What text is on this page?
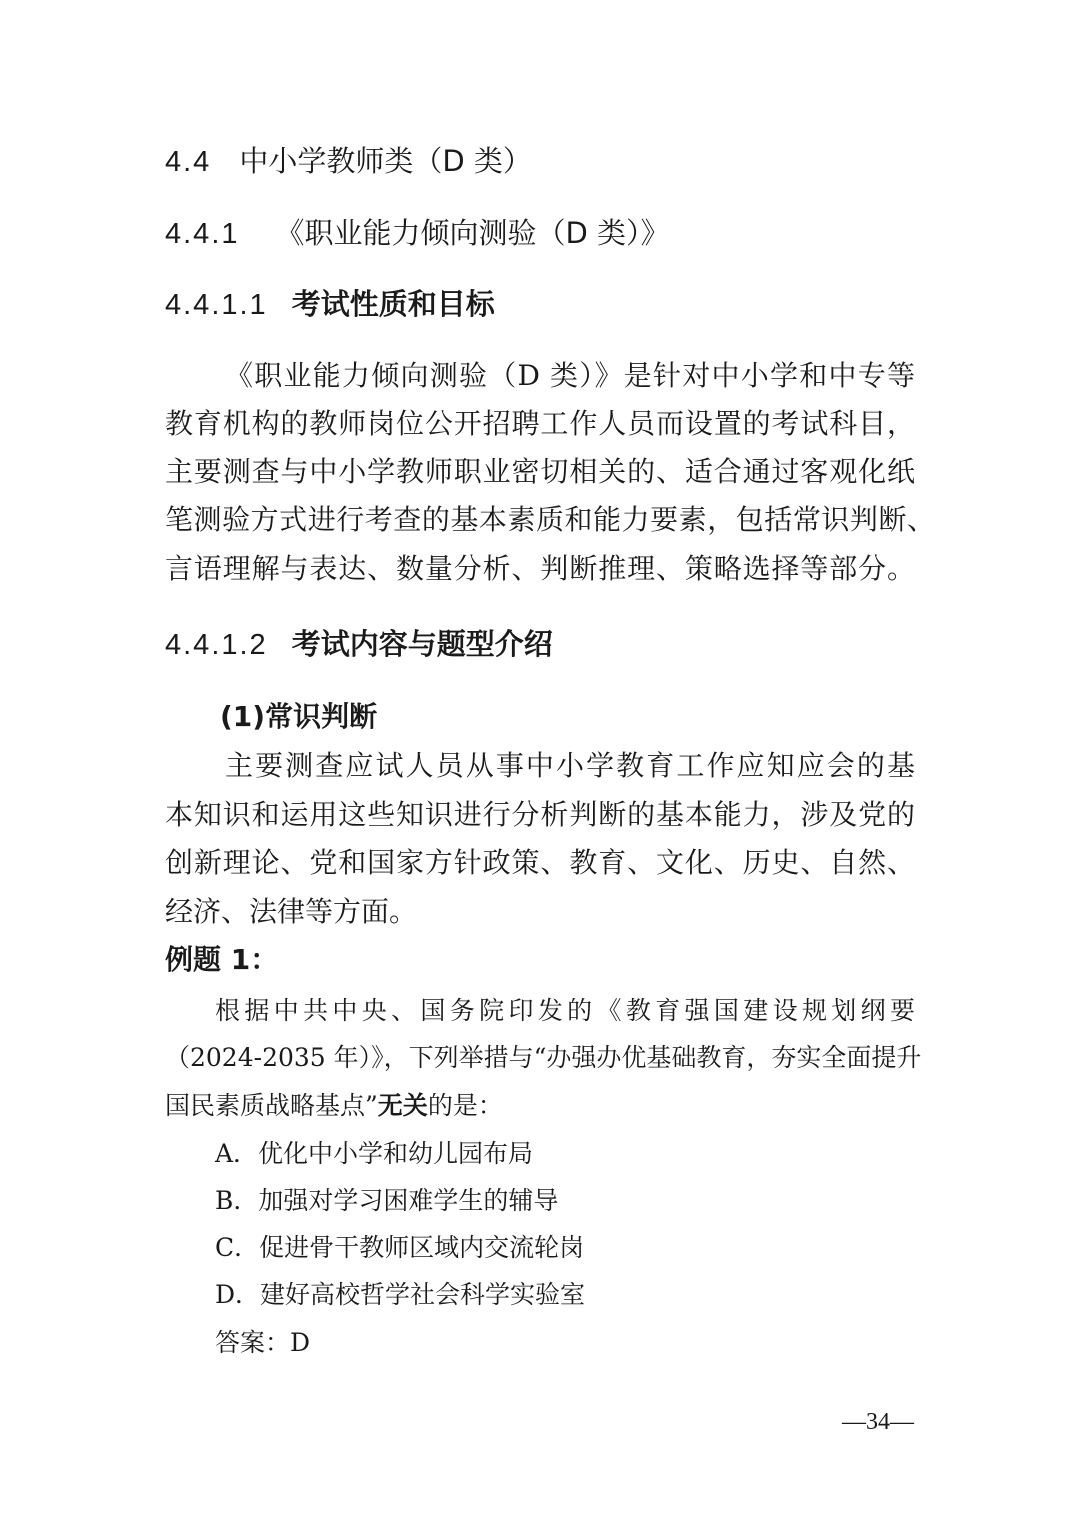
4.4 中小学教师类（D 类）
4.4.1 《职业能力倾向测验（D 类）》
4.4.1.1 考试性质和目标
《职业能力倾向测验（D 类）》是针对中小学和中专等
教育机构的教师岗位公开招聘工作人员而设置的考试科目，
主要测查与中小学教师职业密切相关的、适合通过客观化纸
笔测验方式进行考查的基本素质和能力要素，包括常识判断、
言语理解与表达、数量分析、判断推理、策略选择等部分。
4.4.1.2 考试内容与题型介绍
(1)常识判断
主要测查应试人员从事中小学教育工作应知应会的基
本知识和运用这些知识进行分析判断的基本能力，涉及党的
创新理论、党和国家方针政策、教育、文化、历史、自然、
经济、法律等方面。
例题 1：
根据中共中央、国务院印发的《教育强国建设规划纲要
（2024-2035 年）》，下列举措与“办强办优基础教育，夯实全面提升
国民素质战略基点”无关的是：
A．优化中小学和幼儿园布局
B．加强对学习困难学生的辅导
C．促进骨干教师区域内交流轮岗
D．建好高校哲学社会科学实验室
答案：D
—34—
